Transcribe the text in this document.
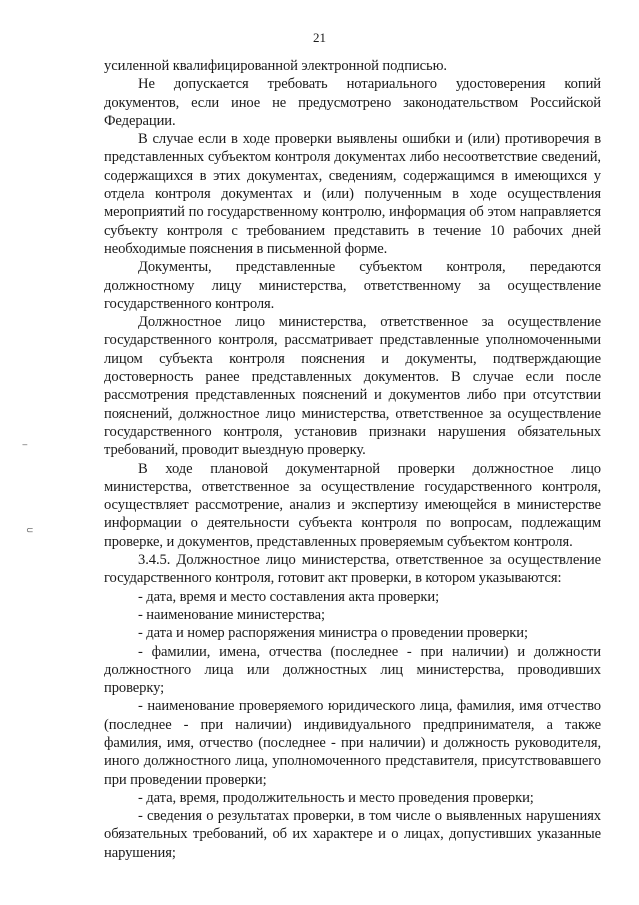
21

усиленной квалифицированной электронной подписью.

Не допускается требовать нотариального удостоверения копий документов, если иное не предусмотрено законодательством Российской Федерации.

В случае если в ходе проверки выявлены ошибки и (или) противоречия в представленных субъектом контроля документах либо несоответствие сведений, содержащихся в этих документах, сведениям, содержащимся в имеющихся у отдела контроля документах и (или) полученным в ходе осуществления мероприятий по государственному контролю, информация об этом направляется субъекту контроля с требованием представить в течение 10 рабочих дней необходимые пояснения в письменной форме.

Документы, представленные субъектом контроля, передаются должностному лицу министерства, ответственному за осуществление государственного контроля.

Должностное лицо министерства, ответственное за осуществление государственного контроля, рассматривает представленные уполномоченными лицом субъекта контроля пояснения и документы, подтверждающие достоверность ранее представленных документов. В случае если после рассмотрения представленных пояснений и документов либо при отсутствии пояснений, должностное лицо министерства, ответственное за осуществление государственного контроля, установив признаки нарушения обязательных требований, проводит выездную проверку.

В ходе плановой документарной проверки должностное лицо министерства, ответственное за осуществление государственного контроля, осуществляет рассмотрение, анализ и экспертизу имеющейся в министерстве информации о деятельности субъекта контроля по вопросам, подлежащим проверке, и документов, представленных проверяемым субъектом контроля.

3.4.5. Должностное лицо министерства, ответственное за осуществление государственного контроля, готовит акт проверки, в котором указываются:

- дата, время и место составления акта проверки;

- наименование министерства;

- дата и номер распоряжения министра о проведении проверки;

- фамилии, имена, отчества (последнее - при наличии) и должности должностного лица или должностных лиц министерства, проводивших проверку;

- наименование проверяемого юридического лица, фамилия, имя отчество (последнее - при наличии) индивидуального предпринимателя, а также фамилия, имя, отчество (последнее - при наличии) и должность руководителя, иного должностного лица, уполномоченного представителя, присутствовавшего при проведении проверки;

- дата, время, продолжительность и место проведения проверки;

- сведения о результатах проверки, в том числе о выявленных нарушениях обязательных требований, об их характере и о лицах, допустивших указанные нарушения;

‒
⊂
